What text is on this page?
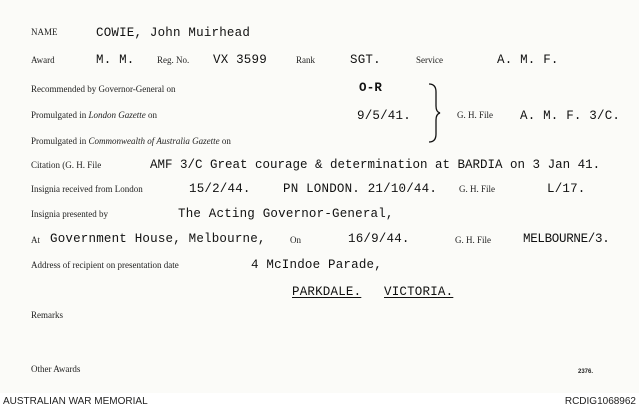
NAME	COWIE, John Muirhead
Award	M. M. Reg. No. VX 3599	Rank	SGT.	Service	A. M. F.
Recommended by Governor-General on	O-R
Promulgated in London Gazette on	9/5/41.	G. H. File A. M. F. 3/C.
Promulgated in Commonwealth of Australia Gazette on
Citation (G. H. File	AMF 3/C Great courage & determination at BARDIA on 3 Jan 41.
Insignia received from London	15/2/44.	PN LONDON. 21/10/44. G. H. File	L/17.
Insignia presented by	The Acting Governor-General,
At Government House, Melbourne,	On	16/9/44.	G. H. File	MELBOURNE/3.
Address of recipient on presentation date	4 McIndoe Parade,
PARKDALE. VICTORIA.
Remarks
Other Awards	2376.
AUSTRALIAN WAR MEMORIAL	RCDIG1068962
